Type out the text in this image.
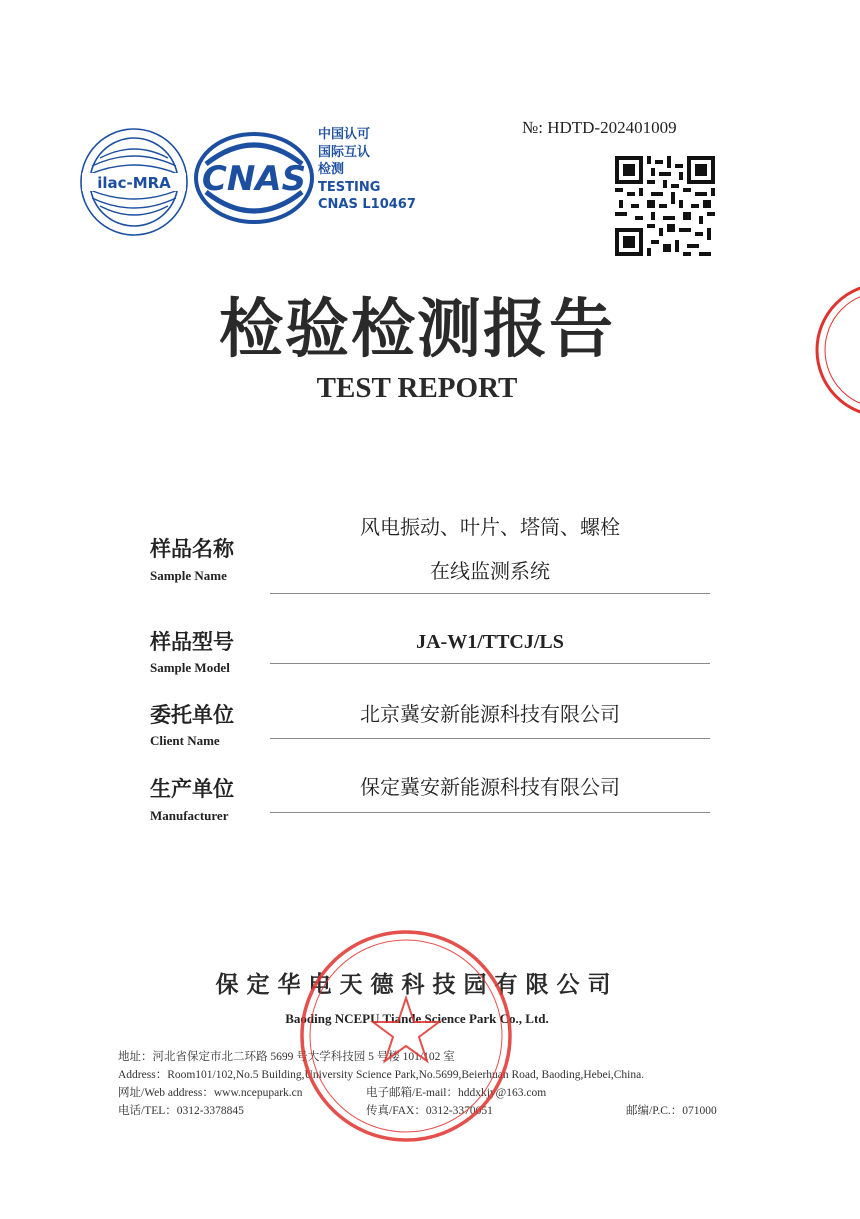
ilac-MRA CNAS
中国认可
国际互认
检测
TESTING
CNAS L10467
№: HDTD-202401009
检验检测报告
TEST REPORT
样品名称
Sample Name
风电振动、叶片、塔筒、螺栓
在线监测系统
样品型号
Sample Model
JA-W1/TTCJ/LS
委托单位
Client Name
北京冀安新能源科技有限公司
生产单位
Manufacturer
保定冀安新能源科技有限公司
保定华电天德科技园有限公司
Baoding NCEPU Tiande Science Park Co., Ltd.
地址：河北省保定市北二环路 5699 号大学科技园 5 号楼 101/102 室
Address：Room101/102,No.5 Building,University Science Park,No.5699,Beierhuan Road, Baoding,Hebei,China.
网址/Web address：www.ncepupark.cn	电子邮箱/E-mail：hddxkjy@163.com
电话/TEL：0312-3378845	传真/FAX：0312-3370051	邮编/P.C.：071000
